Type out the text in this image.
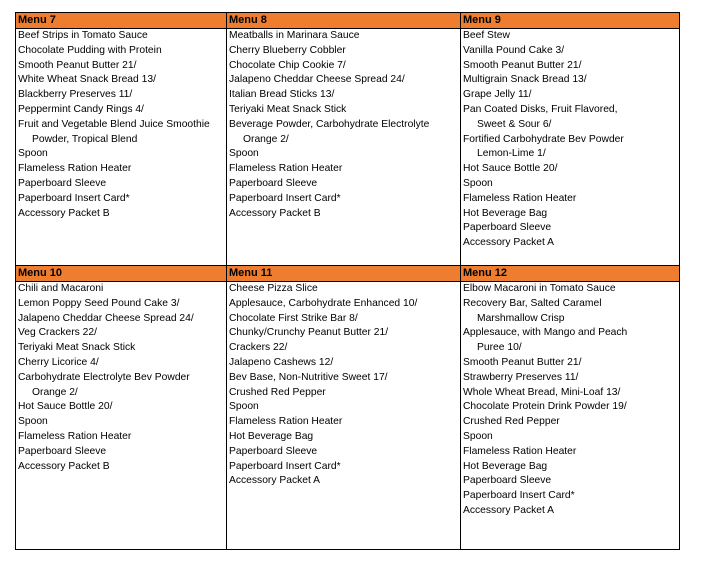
Menu 7
Beef Strips in Tomato Sauce
Chocolate Pudding with Protein
Smooth Peanut Butter 21/
White Wheat Snack Bread 13/
Blackberry Preserves 11/
Peppermint Candy Rings 4/
Fruit and Vegetable Blend Juice Smoothie
Powder, Tropical Blend
Spoon
Flameless Ration Heater
Paperboard Sleeve
Paperboard Insert Card*
Accessory Packet B
Menu 8
Meatballs in Marinara Sauce
Cherry Blueberry Cobbler
Chocolate Chip Cookie 7/
Jalapeno Cheddar Cheese Spread 24/
Italian Bread Sticks 13/
Teriyaki Meat Snack Stick
Beverage Powder, Carbohydrate Electrolyte
Orange 2/
Spoon
Flameless Ration Heater
Paperboard Sleeve
Paperboard Insert Card*
Accessory Packet B
Menu 9
Beef Stew
Vanilla Pound Cake 3/
Smooth Peanut Butter 21/
Multigrain Snack Bread 13/
Grape Jelly 11/
Pan Coated Disks, Fruit Flavored,
Sweet & Sour 6/
Fortified Carbohydrate Bev Powder
Lemon-Lime 1/
Hot Sauce Bottle 20/
Spoon
Flameless Ration Heater
Hot Beverage Bag
Paperboard Sleeve
Accessory Packet A
Menu 10
Chili and Macaroni
Lemon Poppy Seed Pound Cake 3/
Jalapeno Cheddar Cheese Spread 24/
Veg Crackers 22/
Teriyaki Meat Snack Stick
Cherry Licorice 4/
Carbohydrate Electrolyte Bev Powder
Orange 2/
Hot Sauce Bottle 20/
Spoon
Flameless Ration Heater
Paperboard Sleeve
Accessory Packet B
Menu 11
Cheese Pizza Slice
Applesauce, Carbohydrate Enhanced 10/
Chocolate First Strike Bar 8/
Chunky/Crunchy Peanut Butter 21/
Crackers 22/
Jalapeno Cashews 12/
Bev Base, Non-Nutritive Sweet 17/
Crushed Red Pepper
Spoon
Flameless Ration Heater
Hot Beverage Bag
Paperboard Sleeve
Paperboard Insert Card*
Accessory Packet A
Menu 12
Elbow Macaroni in Tomato Sauce
Recovery Bar, Salted Caramel
Marshmallow Crisp
Applesauce, with Mango and Peach
Puree 10/
Smooth Peanut Butter 21/
Strawberry Preserves 11/
Whole Wheat Bread, Mini-Loaf 13/
Chocolate Protein Drink Powder 19/
Crushed Red Pepper
Spoon
Flameless Ration Heater
Hot Beverage Bag
Paperboard Sleeve
Paperboard Insert Card*
Accessory Packet A
